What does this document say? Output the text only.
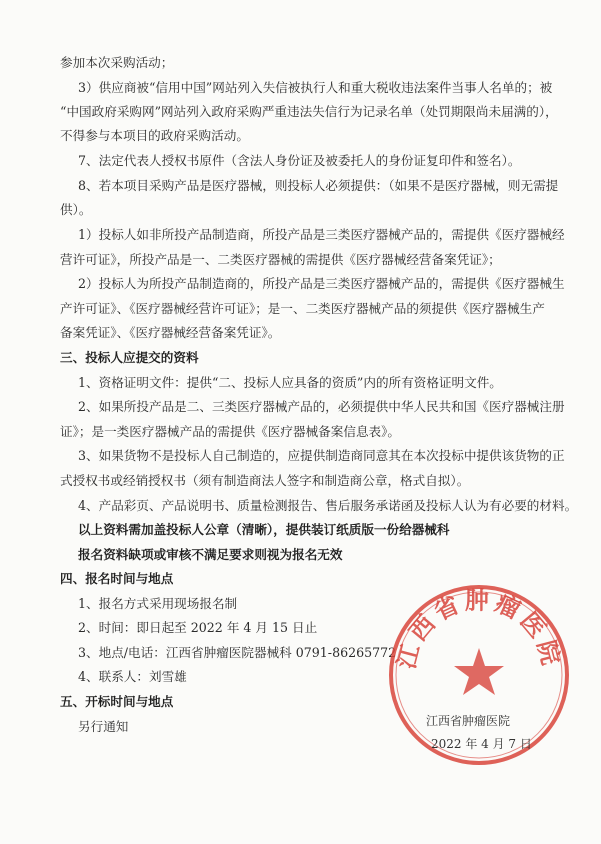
参加本次采购活动；
3）供应商被“信用中国”网站列入失信被执行人和重大税收违法案件当事人名单的；被
“中国政府采购网”网站列入政府采购严重违法失信行为记录名单（处罚期限尚未届满的），
不得参与本项目的政府采购活动。
7、法定代表人授权书原件（含法人身份证及被委托人的身份证复印件和签名）。
8、若本项目采购产品是医疗器械，则投标人必须提供：（如果不是医疗器械，则无需提
供）。
1）投标人如非所投产品制造商，所投产品是三类医疗器械产品的，需提供《医疗器械经
营许可证》，所投产品是一、二类医疗器械的需提供《医疗器械经营备案凭证》；
2）投标人为所投产品制造商的，所投产品是三类医疗器械产品的，需提供《医疗器械生
产许可证》、《医疗器械经营许可证》；是一、二类医疗器械产品的须提供《医疗器械生产
备案凭证》、《医疗器械经营备案凭证》。
三、投标人应提交的资料
1、资格证明文件：提供“二、投标人应具备的资质”内的所有资格证明文件。
2、如果所投产品是二、三类医疗器械产品的，必须提供中华人民共和国《医疗器械注册
证》；是一类医疗器械产品的需提供《医疗器械备案信息表》。
3、如果货物不是投标人自己制造的，应提供制造商同意其在本次投标中提供该货物的正
式授权书或经销授权书（须有制造商法人签字和制造商公章，格式自拟）。
4、产品彩页、产品说明书、质量检测报告、售后服务承诺函及投标人认为有必要的材料。
以上资料需加盖投标人公章（清晰），提供装订纸质版一份给器械科
报名资料缺项或审核不满足要求则视为报名无效
四、报名时间与地点
1、报名方式采用现场报名制
2、时间：即日起至 2022 年 4 月 15 日止
3、地点/电话：江西省肿瘤医院器械科 0791-86265772
4、联系人：刘雪雄
五、开标时间与地点
另行通知
江西省肿瘤医院
江西省肿瘤医院
2022 年 4 月 7 日
